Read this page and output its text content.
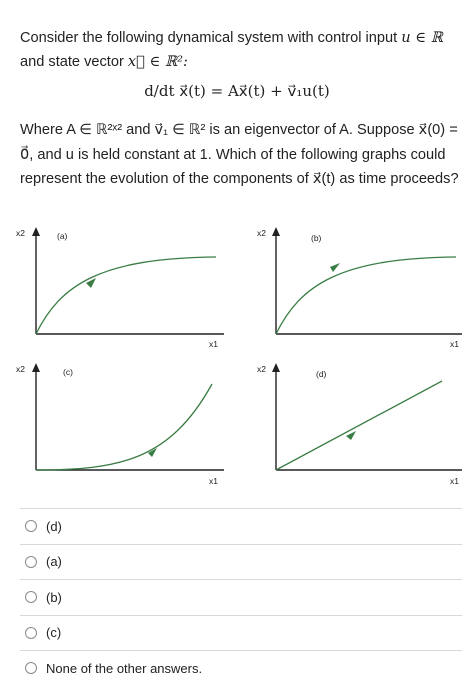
Consider the following dynamical system with control input u ∈ ℝ

and state vector x⃗ ∈ ℝ²:

d/dt x⃗(t) = Ax⃗(t) + v⃗₁u(t)
Where A ∈ ℝ²ˣ² and v⃗₁ ∈ ℝ² is an eigenvector of A. Suppose x⃗(0) = 0⃗, and u is held constant at 1. Which of the following graphs could represent the evolution of the components of x⃗(t) as time proceeds?
x2	(a)
x1
x2	(b)
x1
x2	(c)
x1
x2	(d)
x1
(d)
(a)
(b)
(c)
None of the other answers.
